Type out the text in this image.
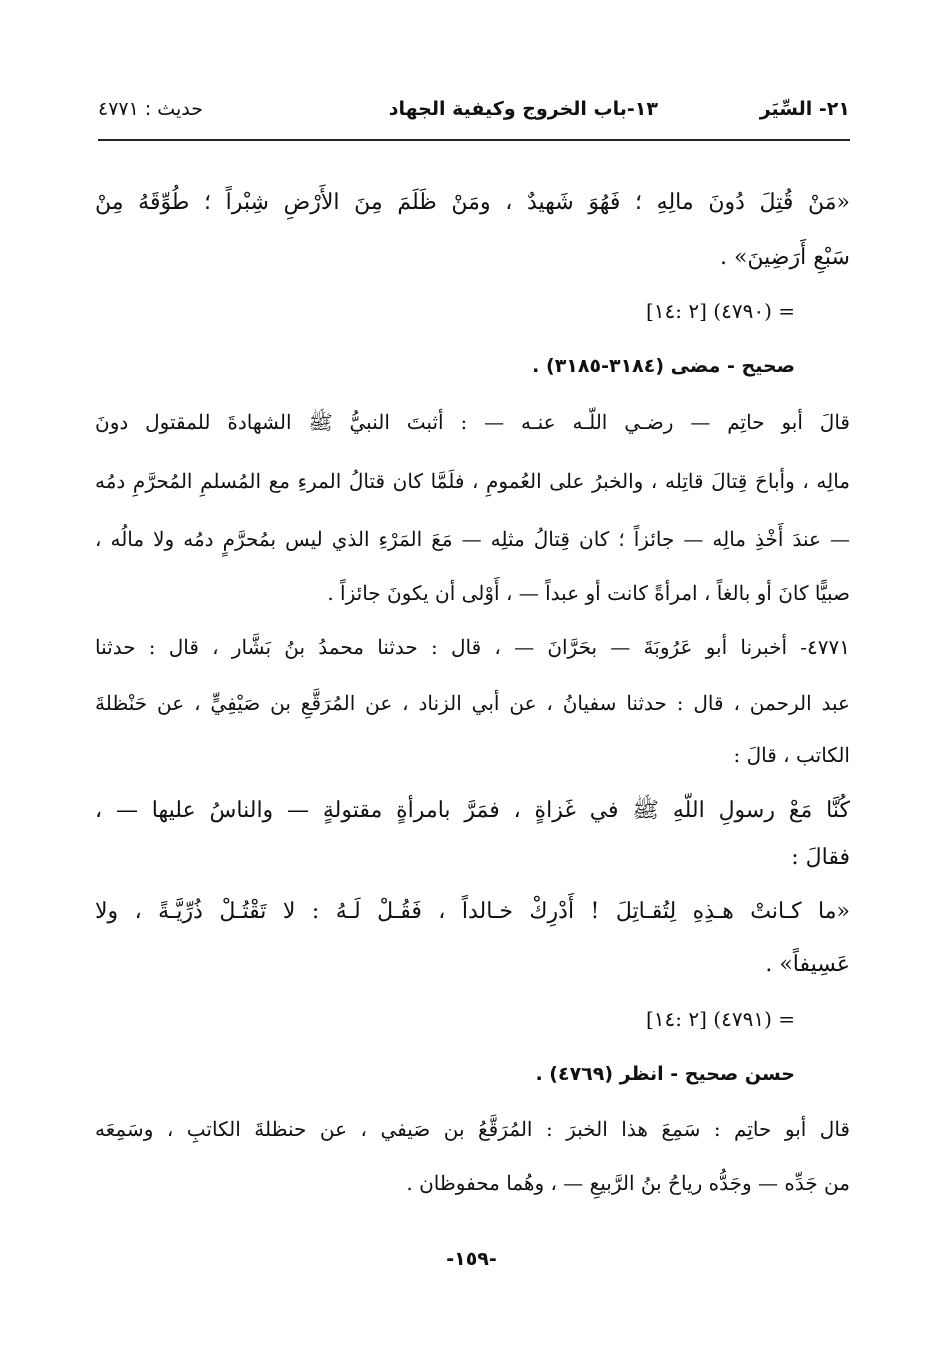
٢١- السِّيَر
١٣-باب الخروج وكيفية الجهاد
حديث : ٤٧٧١
«مَنْ قُتِلَ دُونَ مالِهِ ؛ فَهُوَ شَهيدٌ ، ومَنْ ظَلَمَ مِنَ الأَرْضِ شِبْراً ؛ طُوِّقَهُ مِنْ
سَبْعِ أَرَضِينَ» .
= (٤٧٩٠) [٢ :١٤]
صحيح - مضى (٣١٨٤-٣١٨٥) .
قالَ أبو حاتِم — رضـي اللّـه عنـه — : أثبتَ النبيُّ ﷺ الشهادةَ للمقتول دونَ
مالِه ، وأباحَ قِتالَ قاتِله ، والخبرُ على العُمومِ ، فلَمَّا كان قتالُ المرءِ مع المُسلمِ المُحرَّمِ دمُه
— عندَ أَخْذِ مالِه — جائزاً ؛ كان قِتالُ مثلِه — مَعَ المَرْءِ الذي ليس بمُحرَّمٍ دمُه ولا مالُه ،
صبيًّا كانَ أو بالغاً ، امرأةً كانت أو عبداً — ، أَوْلى أن يكونَ جائزاً .
٤٧٧١- أخبرنا أبو عَرُوبَةَ — بحَرَّانَ — ، قال : حدثنا محمدُ بنُ بَشَّار ، قال : حدثنا
عبد الرحمن ، قال : حدثنا سفيانُ ، عن أبي الزناد ، عن المُرَقَّعِ بن صَيْفِيٍّ ، عن حَنْظلةَ
الكاتب ، قالَ :
كُنَّا مَعْ رسولِ اللّهِ ﷺ في غَزاةٍ ، فمَرَّ بامرأةٍ مقتولةٍ — والناسُ عليها — ،
فقالَ :
«ما كـانتْ هـذِهِ لِتُقـاتِلَ ! أَدْرِكْ خـالداً ، فَقُـلْ لَـهُ : لا تَقْتُـلْ ذُرِّيَّـةً ، ولا
عَسِيفاً» .
= (٤٧٩١) [٢ :١٤]
حسن صحيح - انظر (٤٧٦٩) .
قال أبو حاتِم : سَمِعَ هذا الخبرَ : المُرَقَّعُ بن صَيفي ، عن حنظلةَ الكاتبِ ، وسَمِعَه
من جَدِّه — وجَدُّه رياحُ بنُ الرَّبيعِ — ، وهُما محفوظان .
-١٥٩-
